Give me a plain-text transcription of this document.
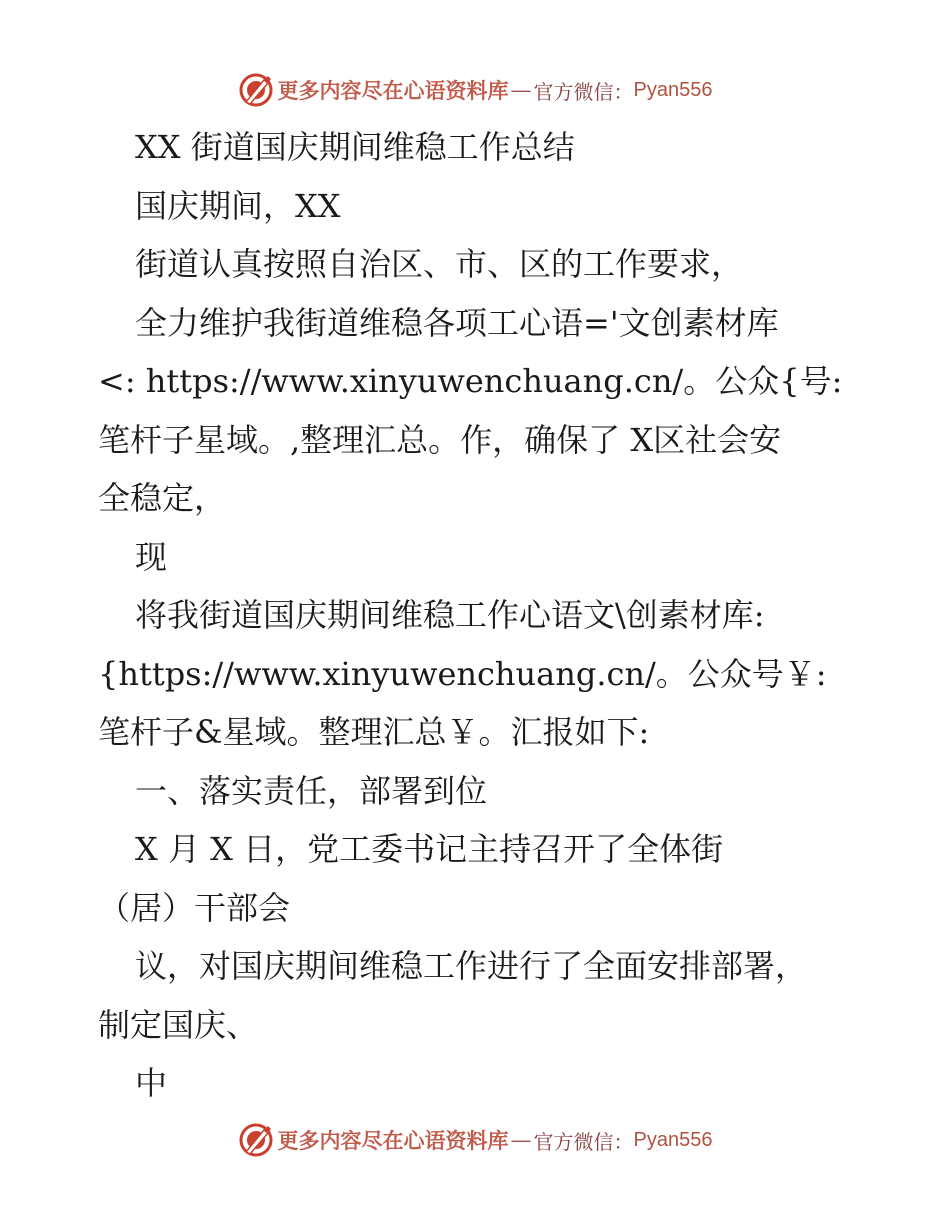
更多内容尽在心语资料库 — 官方微信： Pyan556
XX 街道国庆期间维稳工作总结
国庆期间，XX
街道认真按照自治区、市、区的工作要求，
全力维护我街道维稳各项工心语='文创素材库
<: https://www.xinyuwenchuang.cn/。公众{号:
笔杆子星域。,整理汇总。作，确保了 X区社会安
全稳定，
现
将我街道国庆期间维稳工作心语文\创素材库:
{https://www.xinyuwenchuang.cn/。公众号￥:
笔杆子&星域。整理汇总￥。汇报如下:
一、落实责任，部署到位
X 月 X 日，党工委书记主持召开了全体街
（居）干部会
议，对国庆期间维稳工作进行了全面安排部署，
制定国庆、
中
更多内容尽在心语资料库 — 官方微信： Pyan556
